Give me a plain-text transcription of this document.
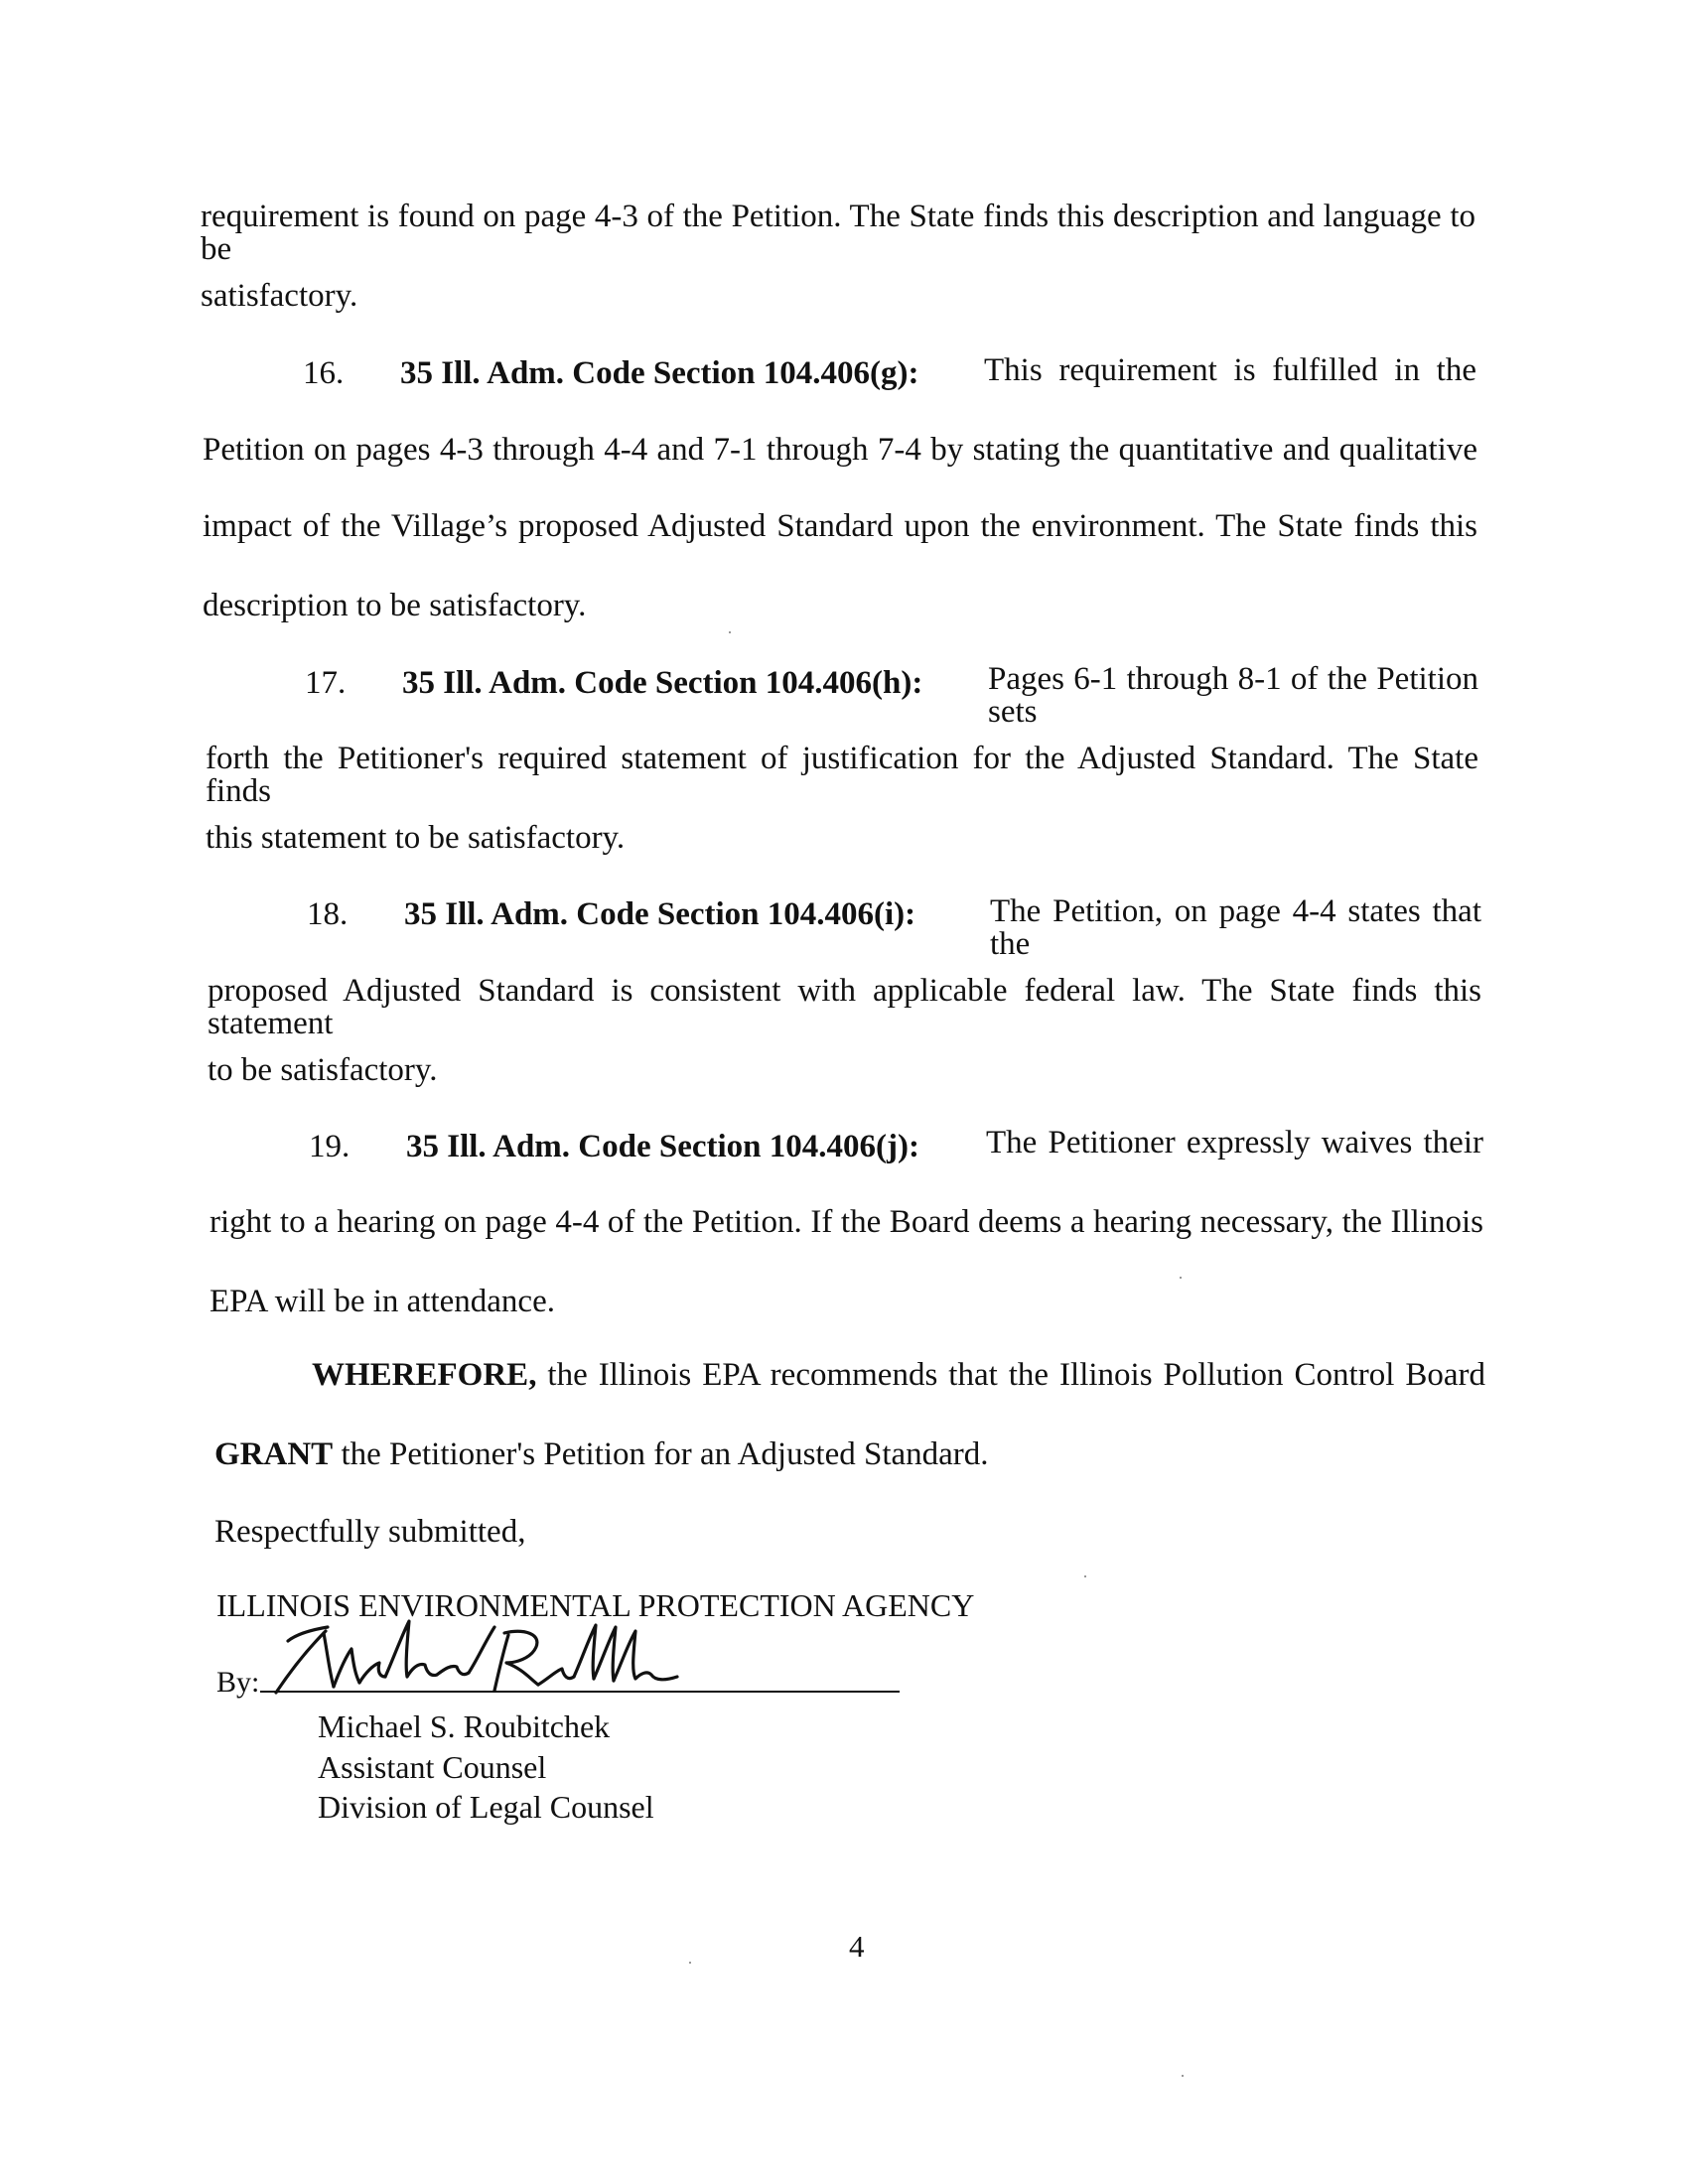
requirement is found on page 4-3 of the Petition. The State finds this description and language to be
satisfactory.
16. 35 Ill. Adm. Code Section 104.406(g): This requirement is fulfilled in the
Petition on pages 4-3 through 4-4 and 7-1 through 7-4 by stating the quantitative and qualitative
impact of the Village’s proposed Adjusted Standard upon the environment. The State finds this
description to be satisfactory.
17. 35 Ill. Adm. Code Section 104.406(h): Pages 6-1 through 8-1 of the Petition sets
forth the Petitioner's required statement of justification for the Adjusted Standard. The State finds
this statement to be satisfactory.
18. 35 Ill. Adm. Code Section 104.406(i): The Petition, on page 4-4 states that the
proposed Adjusted Standard is consistent with applicable federal law. The State finds this statement
to be satisfactory.
19. 35 Ill. Adm. Code Section 104.406(j): The Petitioner expressly waives their
right to a hearing on page 4-4 of the Petition. If the Board deems a hearing necessary, the Illinois
EPA will be in attendance.
WHEREFORE, the Illinois EPA recommends that the Illinois Pollution Control Board
GRANT the Petitioner's Petition for an Adjusted Standard.
Respectfully submitted,
ILLINOIS ENVIRONMENTAL PROTECTION AGENCY
By:
Michael S. Roubitchek
Assistant Counsel
Division of Legal Counsel
4
